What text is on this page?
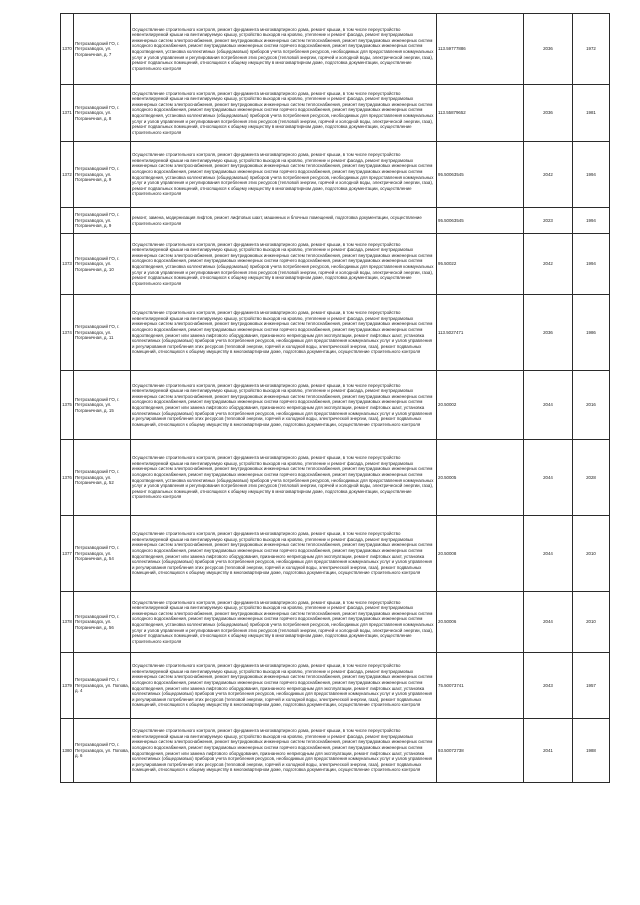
1370	Петрозаводский ГО, г. Петрозаводск, ул. Пограничная, д. 7	Осуществление строительного контроля, ремонт фундамента многоквартирного дома, ремонт крыши, в том числе переустройство невентилируемой крыши на вентилируемую крышу, устройство выходов на кровлю, утепление и ремонт фасада, ремонт внутридомовых инженерных систем электроснабжения, ремонт внутридомовых инженерных систем теплоснабжения, ремонт внутридомовых инженерных систем холодного водоснабжения, ремонт внутридомовых инженерных систем горячего водоснабжения, ремонт внутридомовых инженерных систем водоотведения, установка коллективных (общедомовых) приборов учета потребления ресурсов, необходимых для предоставления коммунальных услуг и узлов управления и регулирования потребления этих ресурсов (тепловой энергии, горячей и холодной воды, электрической энергии, газа), ремонт подвальных помещений, относящихся к общему имуществу в многоквартирном доме, подготовка документации, осуществление строительного контроля	113.59777886	2036	1972
1371	Петрозаводский ГО, г. Петрозаводск, ул. Пограничная, д. 8	Осуществление строительного контроля, ремонт фундамента многоквартирного дома, ремонт крыши, в том числе переустройство невентилируемой крыши на вентилируемую крышу, устройство выходов на кровлю, утепление и ремонт фасада, ремонт внутридомовых инженерных систем электроснабжения, ремонт внутридомовых инженерных систем теплоснабжения, ремонт внутридомовых инженерных систем холодного водоснабжения, ремонт внутридомовых инженерных систем горячего водоснабжения, ремонт внутридомовых инженерных систем водоотведения, установка коллективных (общедомовых) приборов учета потребления ресурсов, необходимых для предоставления коммунальных услуг и узлов управления и регулирования потребления этих ресурсов (тепловой энергии, горячей и холодной воды, электрической энергии, газа), ремонт подвальных помещений, относящихся к общему имуществу в многоквартирном доме, подготовка документации, осуществление строительного контроля	113.55879652	2036	1981
1372	Петрозаводский ГО, г. Петрозаводск, ул. Пограничная, д. 9	Осуществление строительного контроля, ремонт фундамента многоквартирного дома, ремонт крыши, в том числе переустройство невентилируемой крыши на вентилируемую крышу, устройство выходов на кровлю, утепление и ремонт фасада, ремонт внутридомовых инженерных систем электроснабжения, ремонт внутридомовых инженерных систем теплоснабжения, ремонт внутридомовых инженерных систем холодного водоснабжения, ремонт внутридомовых инженерных систем горячего водоснабжения, ремонт внутридомовых инженерных систем водоотведения, установка коллективных (общедомовых) приборов учета потребления ресурсов, необходимых для предоставления коммунальных услуг и узлов управления и регулирования потребления этих ресурсов (тепловой энергии, горячей и холодной воды, электрической энергии, газа), ремонт подвальных помещений, относящихся к общему имуществу в многоквартирном доме, подготовка документации, осуществление строительного контроля	95.50063545	2042	1994
	Петрозаводский ГО, г. Петрозаводск, ул. Пограничная, д. 9	ремонт, замена, модернизация лифтов, ремонт лифтовых шахт, машинных и блочных помещений, подготовка документации, осуществление строительного контроля	95.50063545	2023	1994
1373	Петрозаводский ГО, г. Петрозаводск, ул. Пограничная, д. 10	Осуществление строительного контроля, ремонт фундамента многоквартирного дома, ремонт крыши, в том числе переустройство невентилируемой крыши на вентилируемую крышу, устройство выходов на кровлю, утепление и ремонт фасада, ремонт внутридомовых инженерных систем электроснабжения, ремонт внутридомовых инженерных систем теплоснабжения, ремонт внутридомовых инженерных систем холодного водоснабжения, ремонт внутридомовых инженерных систем горячего водоснабжения, ремонт внутридомовых инженерных систем водоотведения, установка коллективных (общедомовых) приборов учета потребления ресурсов, необходимых для предоставления коммунальных услуг и узлов управления и регулирования потребления этих ресурсов (тепловой энергии, горячей и холодной воды, электрической энергии, газа), ремонт подвальных помещений, относящихся к общему имуществу в многоквартирном доме, подготовка документации, осуществление строительного контроля	95.50022	2042	1994
1374	Петрозаводский ГО, г. Петрозаводск, ул. Пограничная, д. 11	Осуществление строительного контроля, ремонт фундамента многоквартирного дома, ремонт крыши, в том числе переустройство невентилируемой крыши на вентилируемую крышу, устройство выходов на кровлю, утепление и ремонт фасада, ремонт внутридомовых инженерных систем электроснабжения, ремонт внутридомовых инженерных систем теплоснабжения, ремонт внутридомовых инженерных систем холодного водоснабжения, ремонт внутридомовых инженерных систем горячего водоснабжения, ремонт внутридомовых инженерных систем водоотведения, ремонт или замена лифтового оборудования, признанного непригодным для эксплуатации, ремонт лифтовых шахт, установка коллективных (общедомовых) приборов учета потребления ресурсов, необходимых для предоставления коммунальных услуг и узлов управления и регулирования потребления этих ресурсов (тепловой энергии, горячей и холодной воды, электрической энергии, газа), ремонт подвальных помещений, относящихся к общему имуществу в многоквартирном доме, подготовка документации, осуществление строительного контроля	113.5027471	2036	1986
1375	Петрозаводский ГО, г. Петрозаводск, ул. Пограничная, д. 15	Осуществление строительного контроля, ремонт фундамента многоквартирного дома, ремонт крыши, в том числе переустройство невентилируемой крыши на вентилируемую крышу, устройство выходов на кровлю, утепление и ремонт фасада, ремонт внутридомовых инженерных систем электроснабжения, ремонт внутридомовых инженерных систем теплоснабжения, ремонт внутридомовых инженерных систем холодного водоснабжения, ремонт внутридомовых инженерных систем горячего водоснабжения, ремонт внутридомовых инженерных систем водоотведения, ремонт или замена лифтового оборудования, признанного непригодным для эксплуатации, ремонт лифтовых шахт, установка коллективных (общедомовых) приборов учета потребления ресурсов, необходимых для предоставления коммунальных услуг и узлов управления и регулирования потребления этих ресурсов (тепловой энергии, горячей и холодной воды, электрической энергии, газа), ремонт подвальных помещений, относящихся к общему имуществу в многоквартирном доме, подготовка документации, осуществление строительного контроля	20.50002	2044	2016
1376	Петрозаводский ГО, г. Петрозаводск, ул. Пограничная, д. 52	Осуществление строительного контроля, ремонт фундамента многоквартирного дома, ремонт крыши, в том числе переустройство невентилируемой крыши на вентилируемую крышу, устройство выходов на кровлю, утепление и ремонт фасада, ремонт внутридомовых инженерных систем электроснабжения, ремонт внутридомовых инженерных систем теплоснабжения, ремонт внутридомовых инженерных систем холодного водоснабжения, ремонт внутридомовых инженерных систем горячего водоснабжения, ремонт внутридомовых инженерных систем водоотведения, установка коллективных (общедомовых) приборов учета потребления ресурсов, необходимых для предоставления коммунальных услуг и узлов управления и регулирования потребления этих ресурсов (тепловой энергии, горячей и холодной воды, электрической энергии, газа), ремонт подвальных помещений, относящихся к общему имуществу в многоквартирном доме, подготовка документации, осуществление строительного контроля	20.50005	2044	2028
1377	Петрозаводский ГО, г. Петрозаводск, ул. Пограничная, д. 54	Осуществление строительного контроля, ремонт фундамента многоквартирного дома, ремонт крыши, в том числе переустройство невентилируемой крыши на вентилируемую крышу, устройство выходов на кровлю, утепление и ремонт фасада, ремонт внутридомовых инженерных систем электроснабжения, ремонт внутридомовых инженерных систем теплоснабжения, ремонт внутридомовых инженерных систем холодного водоснабжения, ремонт внутридомовых инженерных систем горячего водоснабжения, ремонт внутридомовых инженерных систем водоотведения, ремонт или замена лифтового оборудования, признанного непригодным для эксплуатации, ремонт лифтовых шахт, установка коллективных (общедомовых) приборов учета потребления ресурсов, необходимых для предоставления коммунальных услуг и узлов управления и регулирования потребления этих ресурсов (тепловой энергии, горячей и холодной воды, электрической энергии, газа), ремонт подвальных помещений, относящихся к общему имуществу в многоквартирном доме, подготовка документации, осуществление строительного контроля	20.50008	2044	2010
1378	Петрозаводский ГО, г. Петрозаводск, ул. Пограничная, д. 56	Осуществление строительного контроля, ремонт фундамента многоквартирного дома, ремонт крыши, в том числе переустройство невентилируемой крыши на вентилируемую крышу, устройство выходов на кровлю, утепление и ремонт фасада, ремонт внутридомовых инженерных систем электроснабжения, ремонт внутридомовых инженерных систем теплоснабжения, ремонт внутридомовых инженерных систем холодного водоснабжения, ремонт внутридомовых инженерных систем горячего водоснабжения, ремонт внутридомовых инженерных систем водоотведения, установка коллективных (общедомовых) приборов учета потребления ресурсов, необходимых для предоставления коммунальных услуг и узлов управления и регулирования потребления этих ресурсов (тепловой энергии, горячей и холодной воды, электрической энергии, газа), ремонт подвальных помещений, относящихся к общему имуществу в многоквартирном доме, подготовка документации, осуществление строительного контроля	20.50006	2044	2010
1379	Петрозаводский ГО, г. Петрозаводск, ул. Попова, д. 4	Осуществление строительного контроля, ремонт фундамента многоквартирного дома, ремонт крыши, в том числе переустройство невентилируемой крыши на вентилируемую крышу, устройство выходов на кровлю, утепление и ремонт фасада, ремонт внутридомовых инженерных систем электроснабжения, ремонт внутридомовых инженерных систем теплоснабжения, ремонт внутридомовых инженерных систем холодного водоснабжения, ремонт внутридомовых инженерных систем горячего водоснабжения, ремонт внутридомовых инженерных систем водоотведения, ремонт или замена лифтового оборудования, признанного непригодным для эксплуатации, ремонт лифтовых шахт, установка коллективных (общедомовых) приборов учета потребления ресурсов, необходимых для предоставления коммунальных услуг и узлов управления и регулирования потребления этих ресурсов (тепловой энергии, горячей и холодной воды, электрической энергии, газа), ремонт подвальных помещений, относящихся к общему имуществу в многоквартирном доме, подготовка документации, осуществление строительного контроля	75.50073741	2043	1957
1380	Петрозаводский ГО, г. Петрозаводск, ул. Попова, д. 6	Осуществление строительного контроля, ремонт фундамента многоквартирного дома, ремонт крыши, в том числе переустройство невентилируемой крыши на вентилируемую крышу, устройство выходов на кровлю, утепление и ремонт фасада, ремонт внутридомовых инженерных систем электроснабжения, ремонт внутридомовых инженерных систем теплоснабжения, ремонт внутридомовых инженерных систем холодного водоснабжения, ремонт внутридомовых инженерных систем горячего водоснабжения, ремонт внутридомовых инженерных систем водоотведения, ремонт или замена лифтового оборудования, признанного непригодным для эксплуатации, ремонт лифтовых шахт, установка коллективных (общедомовых) приборов учета потребления ресурсов, необходимых для предоставления коммунальных услуг и узлов управления и регулирования потребления этих ресурсов (тепловой энергии, горячей и холодной воды, электрической энергии, газа), ремонт подвальных помещений, относящихся к общему имуществу в многоквартирном доме, подготовка документации, осуществление строительного контроля	93.50072738	2041	1988
